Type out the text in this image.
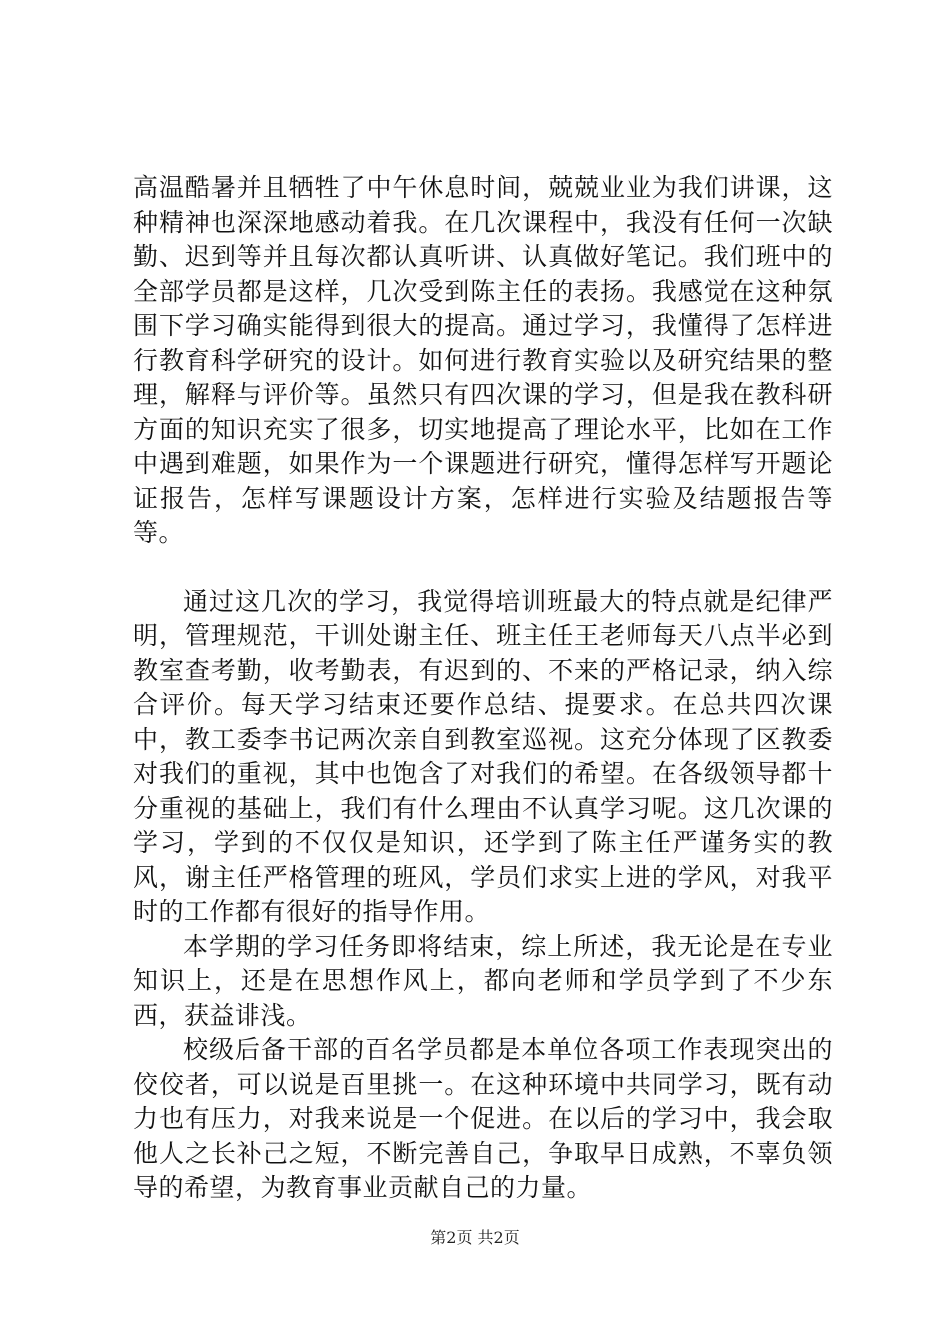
高温酷暑并且牺牲了中午休息时间，兢兢业业为我们讲课，这种精神也深深地感动着我。在几次课程中，我没有任何一次缺勤、迟到等并且每次都认真听讲、认真做好笔记。我们班中的全部学员都是这样，几次受到陈主任的表扬。我感觉在这种氛围下学习确实能得到很大的提高。通过学习，我懂得了怎样进行教育科学研究的设计。如何进行教育实验以及研究结果的整理，解释与评价等。虽然只有四次课的学习，但是我在教科研方面的知识充实了很多，切实地提高了理论水平，比如在工作中遇到难题，如果作为一个课题进行研究，懂得怎样写开题论证报告，怎样写课题设计方案，怎样进行实验及结题报告等等。

通过这几次的学习，我觉得培训班最大的特点就是纪律严明，管理规范，干训处谢主任、班主任王老师每天八点半必到教室查考勤，收考勤表，有迟到的、不来的严格记录，纳入综合评价。每天学习结束还要作总结、提要求。在总共四次课中，教工委李书记两次亲自到教室巡视。这充分体现了区教委对我们的重视，其中也饱含了对我们的希望。在各级领导都十分重视的基础上，我们有什么理由不认真学习呢。这几次课的学习，学到的不仅仅是知识，还学到了陈主任严谨务实的教风，谢主任严格管理的班风，学员们求实上进的学风，对我平时的工作都有很好的指导作用。

本学期的学习任务即将结束，综上所述，我无论是在专业知识上，还是在思想作风上，都向老师和学员学到了不少东西，获益诽浅。

校级后备干部的百名学员都是本单位各项工作表现突出的佼佼者，可以说是百里挑一。在这种环境中共同学习，既有动力也有压力，对我来说是一个促进。在以后的学习中，我会取他人之长补己之短，不断完善自己，争取早日成熟，不辜负领导的希望，为教育事业贡献自己的力量。

第2页 共2页
